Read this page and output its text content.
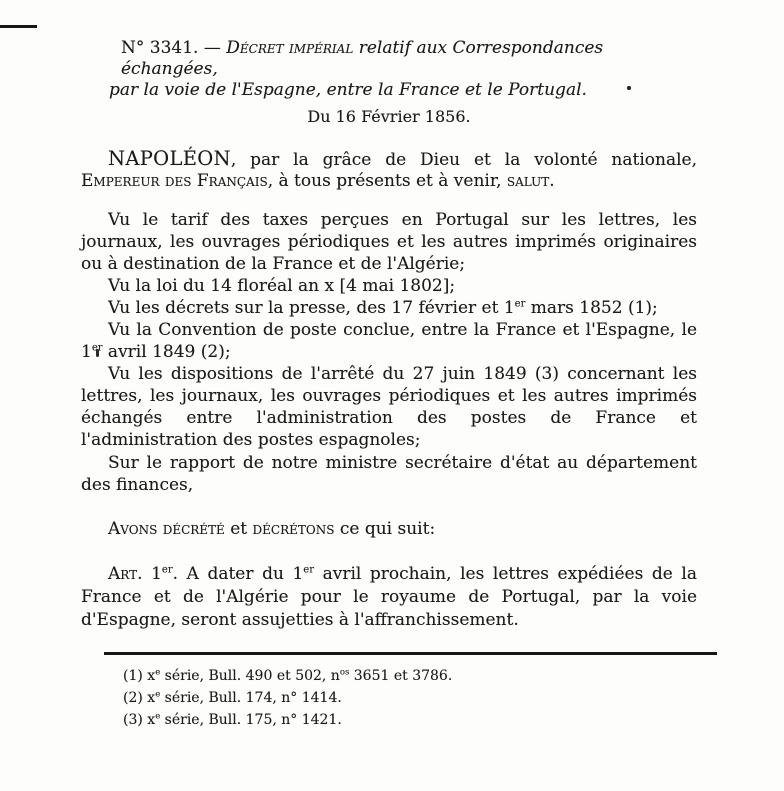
N° 3341. — Décret impérial relatif aux Correspondances échangées,
par la voie de l'Espagne, entre la France et le Portugal.
Du 16 Février 1856.

NAPOLÉON, par la grâce de Dieu et la volonté nationale, Empereur des Français, à tous présents et à venir, salut.

Vu le tarif des taxes perçues en Portugal sur les lettres, les journaux, les ouvrages périodiques et les autres imprimés originaires ou à destination de la France et de l'Algérie;

Vu la loi du 14 floréal an x [4 mai 1802];

Vu les décrets sur la presse, des 17 février et 1er mars 1852 (1);

Vu la Convention de poste conclue, entre la France et l'Espagne, le 1er avril 1849 (2);

Vu les dispositions de l'arrêté du 27 juin 1849 (3) concernant les lettres, les journaux, les ouvrages périodiques et les autres imprimés échangés entre l'administration des postes de France et l'administration des postes espagnoles;

Sur le rapport de notre ministre secrétaire d'état au département des finances,

Avons décrété et décrétons ce qui suit:

Art. 1er. A dater du 1er avril prochain, les lettres expédiées de la France et de l'Algérie pour le royaume de Portugal, par la voie d'Espagne, seront assujetties à l'affranchissement.

(1) $x^e$ série, Bull. 490 et 502, $n^{os}$ 3651 et 3786.
(2) $x^e$ série, Bull. 174, n° 1414.
(3) $x^e$ série, Bull. 175, n° 1421.
